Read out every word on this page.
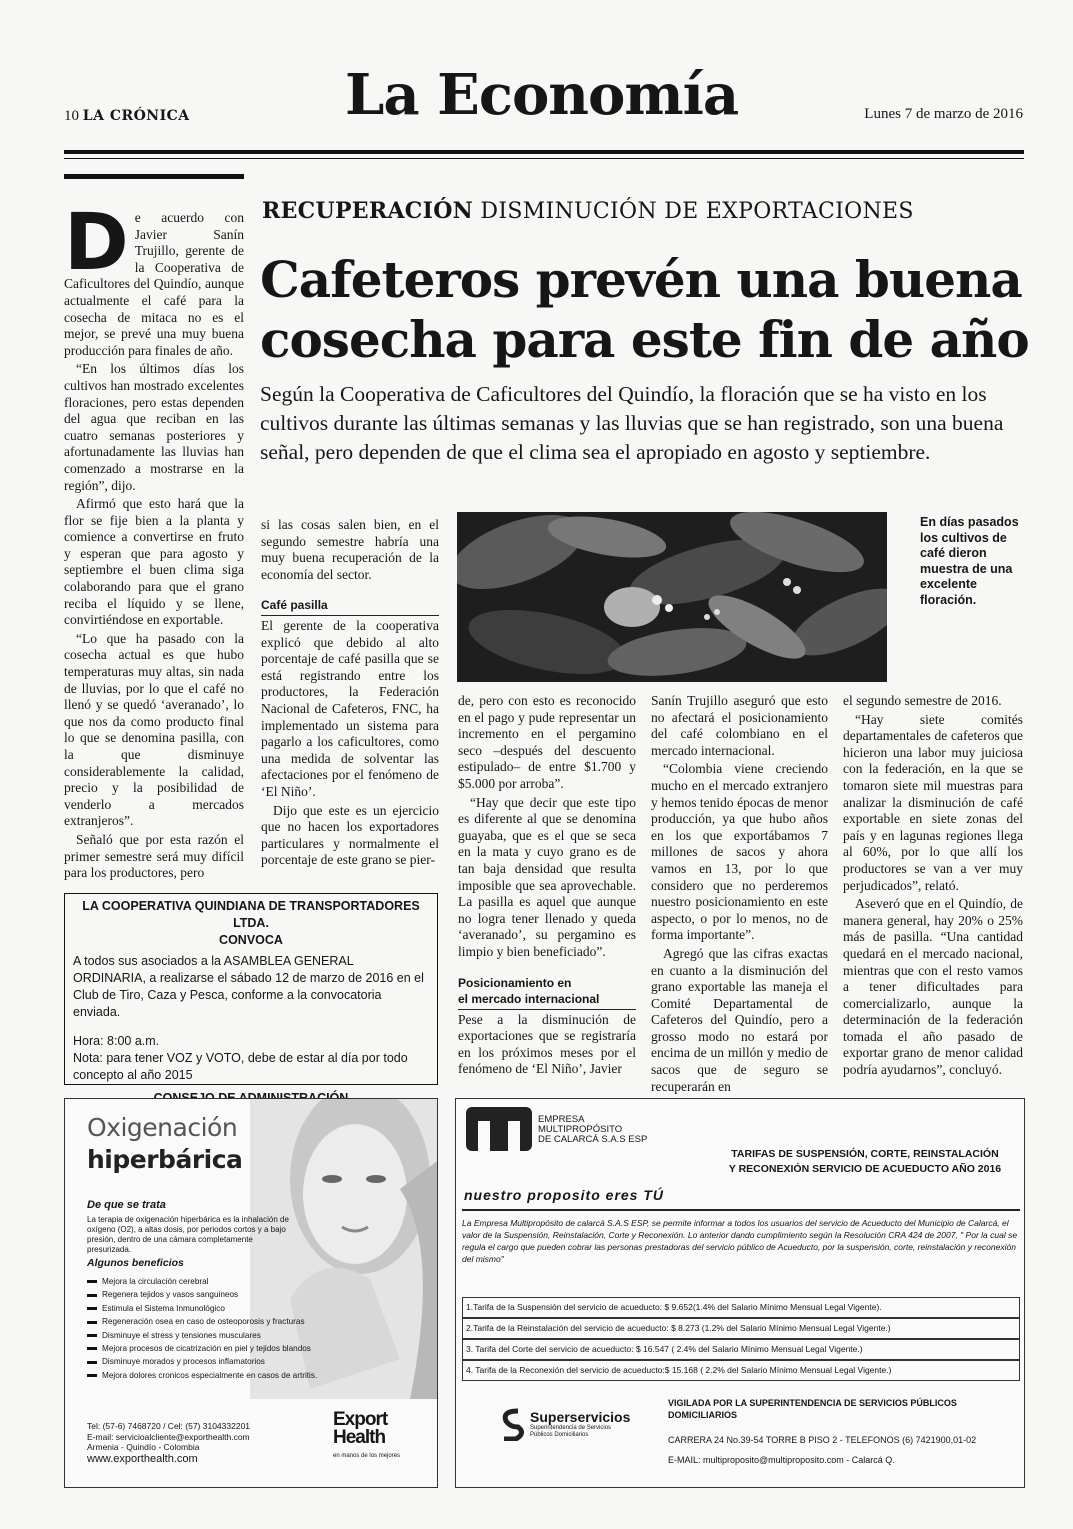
10 LA CRÓNICA	La Economía	Lunes 7 de marzo de 2016
D e acuerdo con Javier Sanín Trujillo, gerente de la Cooperativa de Caficultores del Quindío, aunque actualmente el café para la cosecha de mitaca no es el mejor, se prevé una muy buena producción para finales de año.

“En los últimos días los cultivos han mostrado excelentes floraciones, pero estas dependen del agua que reciban en las cuatro semanas posteriores y afortunadamente las lluvias han comenzado a mostrarse en la región”, dijo.

Afirmó que esto hará que la flor se fije bien a la planta y comience a convertirse en fruto y esperan que para agosto y septiembre el buen clima siga colaborando para que el grano reciba el líquido y se llene, convirtiéndose en exportable.

“Lo que ha pasado con la cosecha actual es que hubo temperaturas muy altas, sin nada de lluvias, por lo que el café no llenó y se quedó ‘averanado’, lo que nos da como producto final lo que se denomina pasilla, con la que disminuye considerablemente la calidad, precio y la posibilidad de venderlo a mercados extranjeros”.

Señaló que por esta razón el primer semestre será muy difícil para los productores, pero

RECUPERACIÓN DISMINUCIÓN DE EXPORTACIONES
Cafeteros prevén una buena
cosecha para este fin de año
Según la Cooperativa de Caficultores del Quindío, la floración que se ha visto en los cultivos durante las últimas semanas y las lluvias que se han registrado, son una buena señal, pero dependen de que el clima sea el apropiado en agosto y septiembre.

si las cosas salen bien, en el segundo semestre habría una muy buena recuperación de la economía del sector.

Café pasilla

El gerente de la cooperativa explicó que debido al alto porcentaje de café pasilla que se está registrando entre los productores, la Federación Nacional de Cafeteros, FNC, ha implementado un sistema para pagarlo a los caficultores, como una medida de solventar las afectaciones por el fenómeno de ‘El Niño’.

Dijo que este es un ejercicio que no hacen los exportadores particulares y normalmente el porcentaje de este grano se pier-

En días pasados los cultivos de café dieron muestra de una excelente floración.

de, pero con esto es reconocido en el pago y pude representar un incremento en el pergamino seco –después del descuento estipulado– de entre $1.700 y $5.000 por arroba”.

“Hay que decir que este tipo es diferente al que se denomina guayaba, que es el que se seca en la mata y cuyo grano es de tan baja densidad que resulta imposible que sea aprovechable. La pasilla es aquel que aunque no logra tener llenado y queda ‘averanado’, su pergamino es limpio y bien beneficiado”.

Posicionamiento en
el mercado internacional

Pese a la disminución de exportaciones que se registraría en los próximos meses por el fenómeno de ‘El Niño’, Javier

Sanín Trujillo aseguró que esto no afectará el posicionamiento del café colombiano en el mercado internacional.

“Colombia viene creciendo mucho en el mercado extranjero y hemos tenido épocas de menor producción, ya que hubo años en los que exportábamos 7 millones de sacos y ahora vamos en 13, por lo que considero que no perderemos nuestro posicionamiento en este aspecto, o por lo menos, no de forma importante”.

Agregó que las cifras exactas en cuanto a la disminución del grano exportable las maneja el Comité Departamental de Cafeteros del Quindío, pero a grosso modo no estará por encima de un millón y medio de sacos que de seguro se recuperarán en

el segundo semestre de 2016.

“Hay siete comités departamentales de cafeteros que hicieron una labor muy juiciosa con la federación, en la que se tomaron siete mil muestras para analizar la disminución de café exportable en siete zonas del país y en lagunas regiones llega al 60%, por lo que allí los productores se van a ver muy perjudicados”, relató.

Aseveró que en el Quindío, de manera general, hay 20% o 25% más de pasilla. “Una cantidad quedará en el mercado nacional, mientras que con el resto vamos a tener dificultades para comercializarlo, aunque la determinación de la federación tomada el año pasado de exportar grano de menor calidad podría ayudarnos”, concluyó.

LA COOPERATIVA QUINDIANA DE TRANSPORTADORES LTDA.
CONVOCA
A todos sus asociados a la ASAMBLEA GENERAL ORDINARIA, a realizarse el sábado 12 de marzo de 2016 en el Club de Tiro, Caza y Pesca, conforme a la convocatoria enviada.
Hora: 8:00 a.m.
Nota: para tener VOZ y VOTO, debe de estar al día por todo concepto al año 2015
Oxigenación
hiperbárica
De que se trata
La terapia de oxigenación hiperbárica es la inhalación de oxígeno (O2), a altas dosis, por periodos cortos y a bajo presión, dentro de una cámara completamente presurizada.
Algunos beneficios
Mejora la circulación cerebral
Regenera tejidos y vasos sanguineos
Estimula el Sistema Inmunológico
Regeneración osea en caso de osteoporosis y fracturas
Disminuye el stress y tensiones musculares
Mejora procesos de cicatrización en piel y tejidos blandos
Disminuye morados y procesos inflamatorios
Mejora dolores cronicos especialmente en casos de artritis.
Tel: (57-6) 7468720 / Cel: (57) 3104332201
E-mail: servicioalcliente@exporthealth.com
Armenia - Quindío - Colombia
www.exporthealth.com
Export
Health
en manos de los mejores
EMPRESA
MULTIPROPÓSITO
DE CALARCÁ S.A.S ESP
nuestro proposito eres TÚ
TARIFAS DE SUSPENSIÓN, CORTE, REINSTALACIÓN
Y RECONEXIÓN SERVICIO DE ACUEDUCTO AÑO 2016
La Empresa Multipropósito de calarcá S.A.S ESP, se permite informar a todos los usuarios del servicio de Acueducto del Municipio de Calarcá, el valor de la Suspensión, Reinstalación, Corte y Reconexión. Lo anterior dando cumplimiento según la Resolución CRA 424 de 2007, " Por la cual se regula el cargo que pueden cobrar las personas prestadoras del servicio público de Acueducto, por la suspensión, corte, reinstalación y reconexión del mismo"
1.Tarifa de la Suspensión del servicio de acueducto: $ 9.652(1.4% del Salario Mínimo Mensual Legal Vigente).
2.Tarifa de la Reinstalación del servicio de acueducto: $ 8.273 (1.2% del Salario Mínimo Mensual Legal Vigente.)
3. Tarifa del Corte del servicio de acueducto: $ 16.547 ( 2.4% del Salario Mínimo Mensual Legal Vigente.)
4. Tarifa de la Reconexión del servicio de acueducto:$ 15.168 ( 2.2% del Salario Mínimo Mensual Legal Vigente.)
Superservicios
Superintendencia de Servicios
Públicos Domiciliarios
VIGILADA POR LA SUPERINTENDENCIA DE SERVICIOS PÚBLICOS
DOMICILIARIOS
CARRERA 24 No.39-54 TORRE B PISO 2 - TELEFONOS (6) 7421900,01-02
E-MAIL: multiproposito@multiproposito.com - Calarcá Q.
